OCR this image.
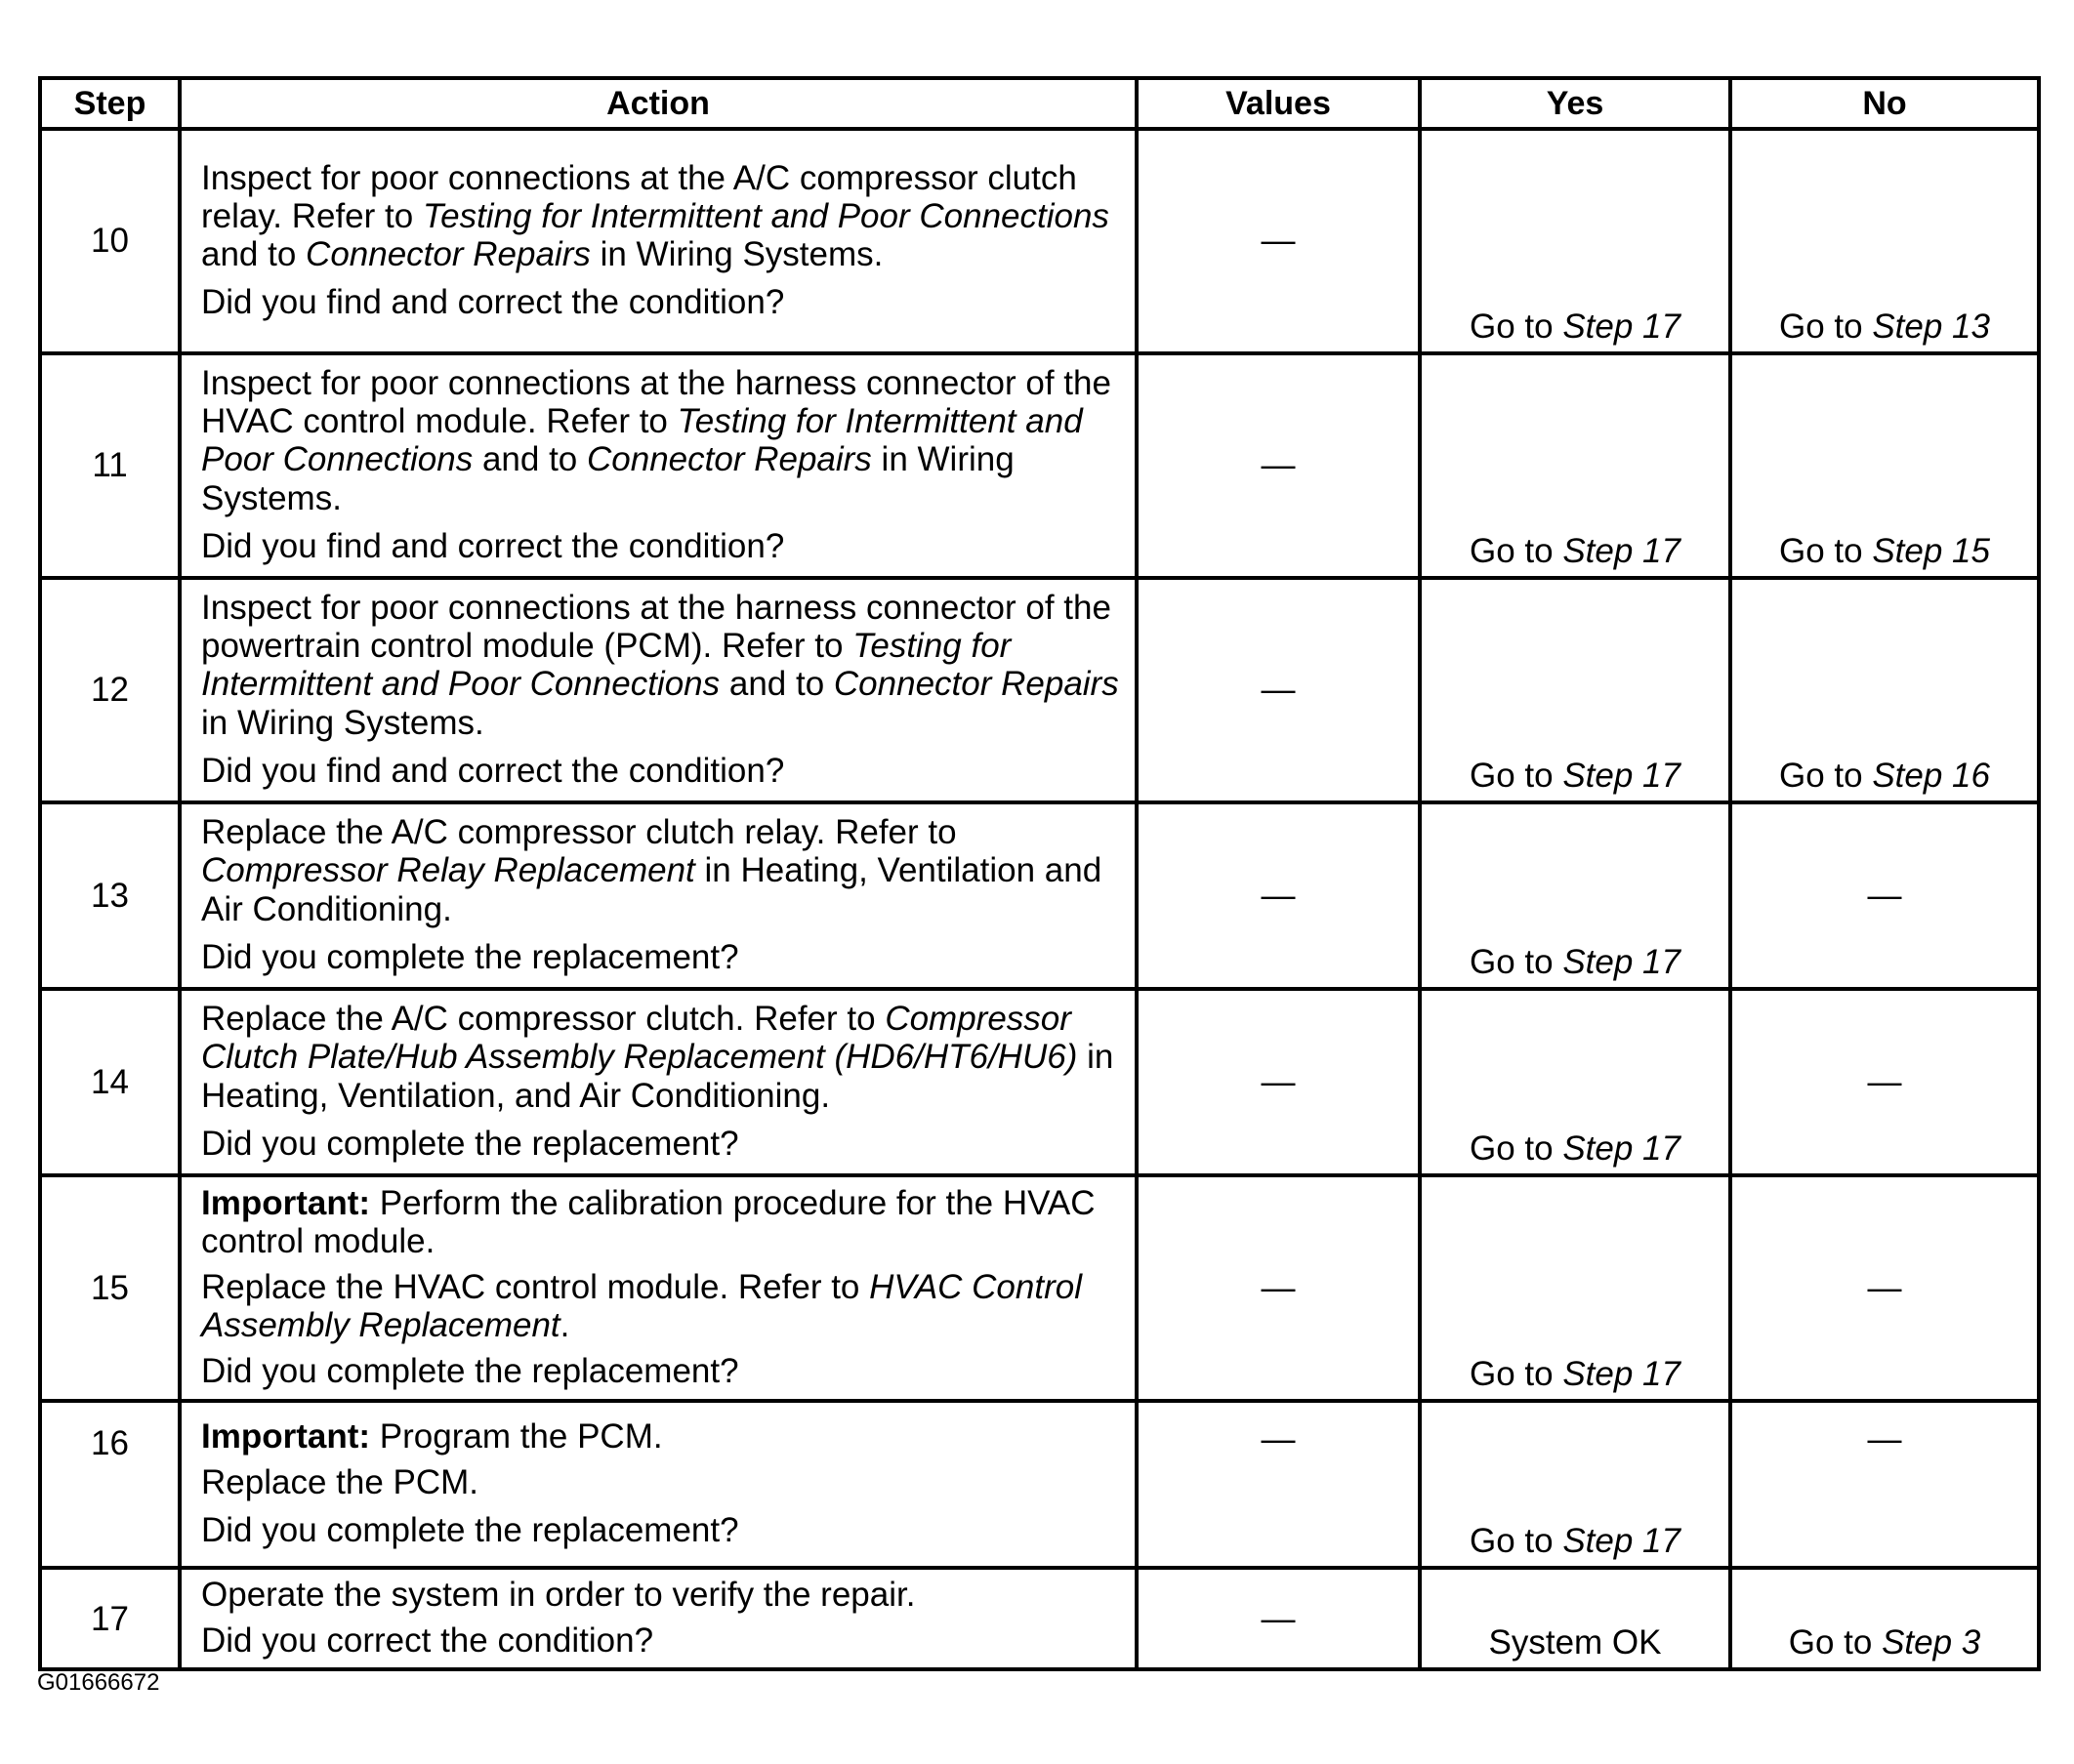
Step	Action	Values	Yes	No
10	Inspect for poor connections at the A/C compressor clutch relay. Refer to Testing for Intermittent and Poor Connections and to Connector Repairs in Wiring Systems.
Did you find and correct the condition?	—	Go to Step 17	Go to Step 13
11	Inspect for poor connections at the harness connector of the HVAC control module. Refer to Testing for Intermittent and Poor Connections and to Connector Repairs in Wiring Systems.
Did you find and correct the condition?	—	Go to Step 17	Go to Step 15
12	Inspect for poor connections at the harness connector of the powertrain control module (PCM). Refer to Testing for Intermittent and Poor Connections and to Connector Repairs in Wiring Systems.
Did you find and correct the condition?	—	Go to Step 17	Go to Step 16
13	Replace the A/C compressor clutch relay. Refer to Compressor Relay Replacement in Heating, Ventilation and Air Conditioning.
Did you complete the replacement?	—	Go to Step 17	—
14	Replace the A/C compressor clutch. Refer to Compressor Clutch Plate/Hub Assembly Replacement (HD6/HT6/HU6) in Heating, Ventilation, and Air Conditioning.
Did you complete the replacement?	—	Go to Step 17	—
15	Important: Perform the calibration procedure for the HVAC control module.
Replace the HVAC control module. Refer to HVAC Control Assembly Replacement.
Did you complete the replacement?	—	Go to Step 17	—
16	Important: Program the PCM.
Replace the PCM.
Did you complete the replacement?	—	Go to Step 17	—
17	Operate the system in order to verify the repair.
Did you correct the condition?	—	System OK	Go to Step 3
G01666672
